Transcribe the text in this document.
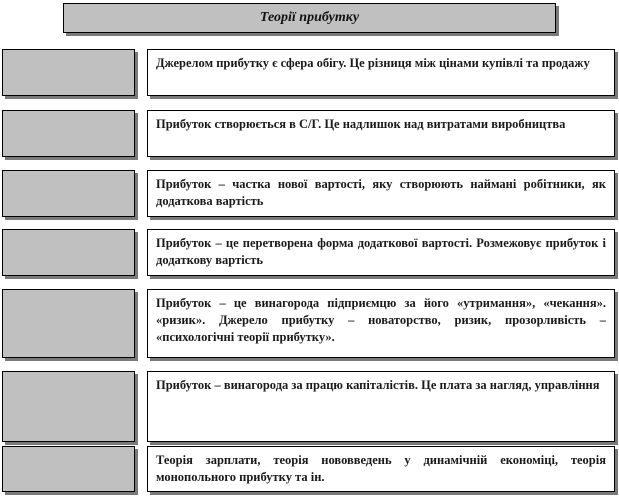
Теорії прибутку
Джерелом прибутку є сфера обігу. Це різниця між цінами купівлі та продажу
Прибуток створюється в С/Г. Це надлишок над витратами виробництва
Прибуток – частка нової вартості, яку створюють наймані робітники, як додаткова вартість
Прибуток – це перетворена форма додаткової вартості. Розмежовує прибуток і додаткову вартість
Прибуток – це винагорода підприємцю за його «утримання», «чекання». «ризик». Джерело прибутку – новаторство, ризик, прозорливість – «психологічні теорії прибутку».
Прибуток – винагорода за працю капіталістів. Це плата за нагляд, управління
Теорія зарплати, теорія нововведень у динамічній економіці, теорія монопольного прибутку та ін.
